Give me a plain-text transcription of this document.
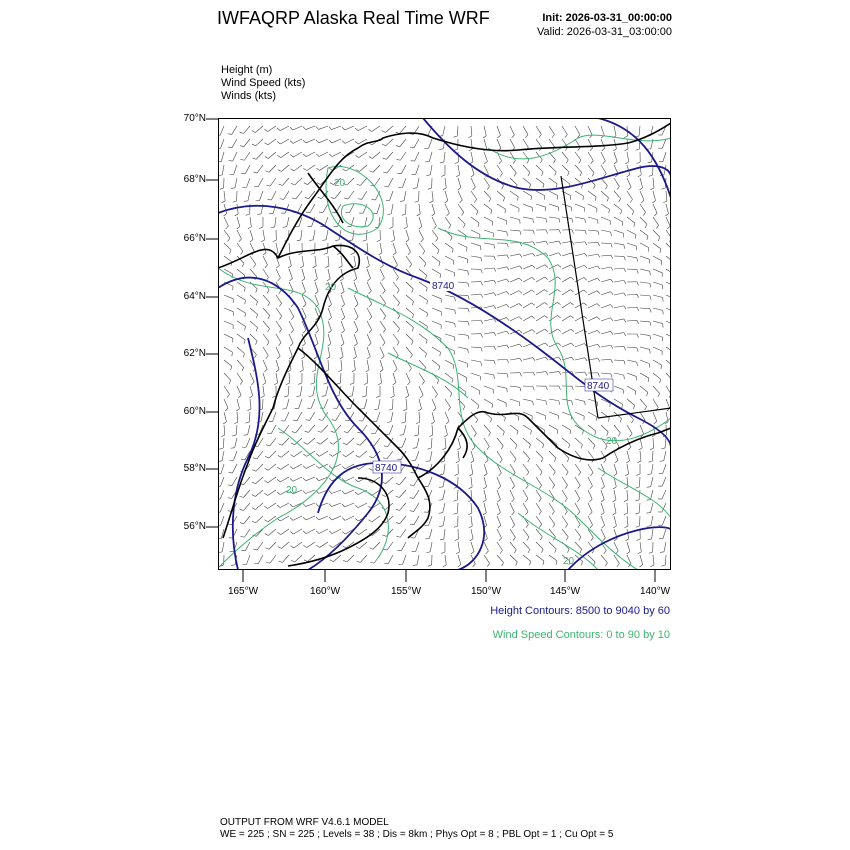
IWFAQRP Alaska Real Time WRF	Init: 2026-03-31_00:00:00
Valid: 2026-03-31_03:00:00
Height (m)
Wind Speed (kts)
Winds (kts)
70°N
68°N
66°N
64°N
62°N
60°N
58°N
56°N
165°W	160°W	155°W	150°W	145°W	140°W
8740
8740
8740
20
20
20
20
20
Height Contours: 8500 to 9040 by 60
Wind Speed Contours: 0 to 90 by 10
OUTPUT FROM WRF V4.6.1 MODEL
WE = 225 ; SN = 225 ; Levels = 38 ; Dis = 8km ; Phys Opt = 8 ; PBL Opt = 1 ; Cu Opt = 5
